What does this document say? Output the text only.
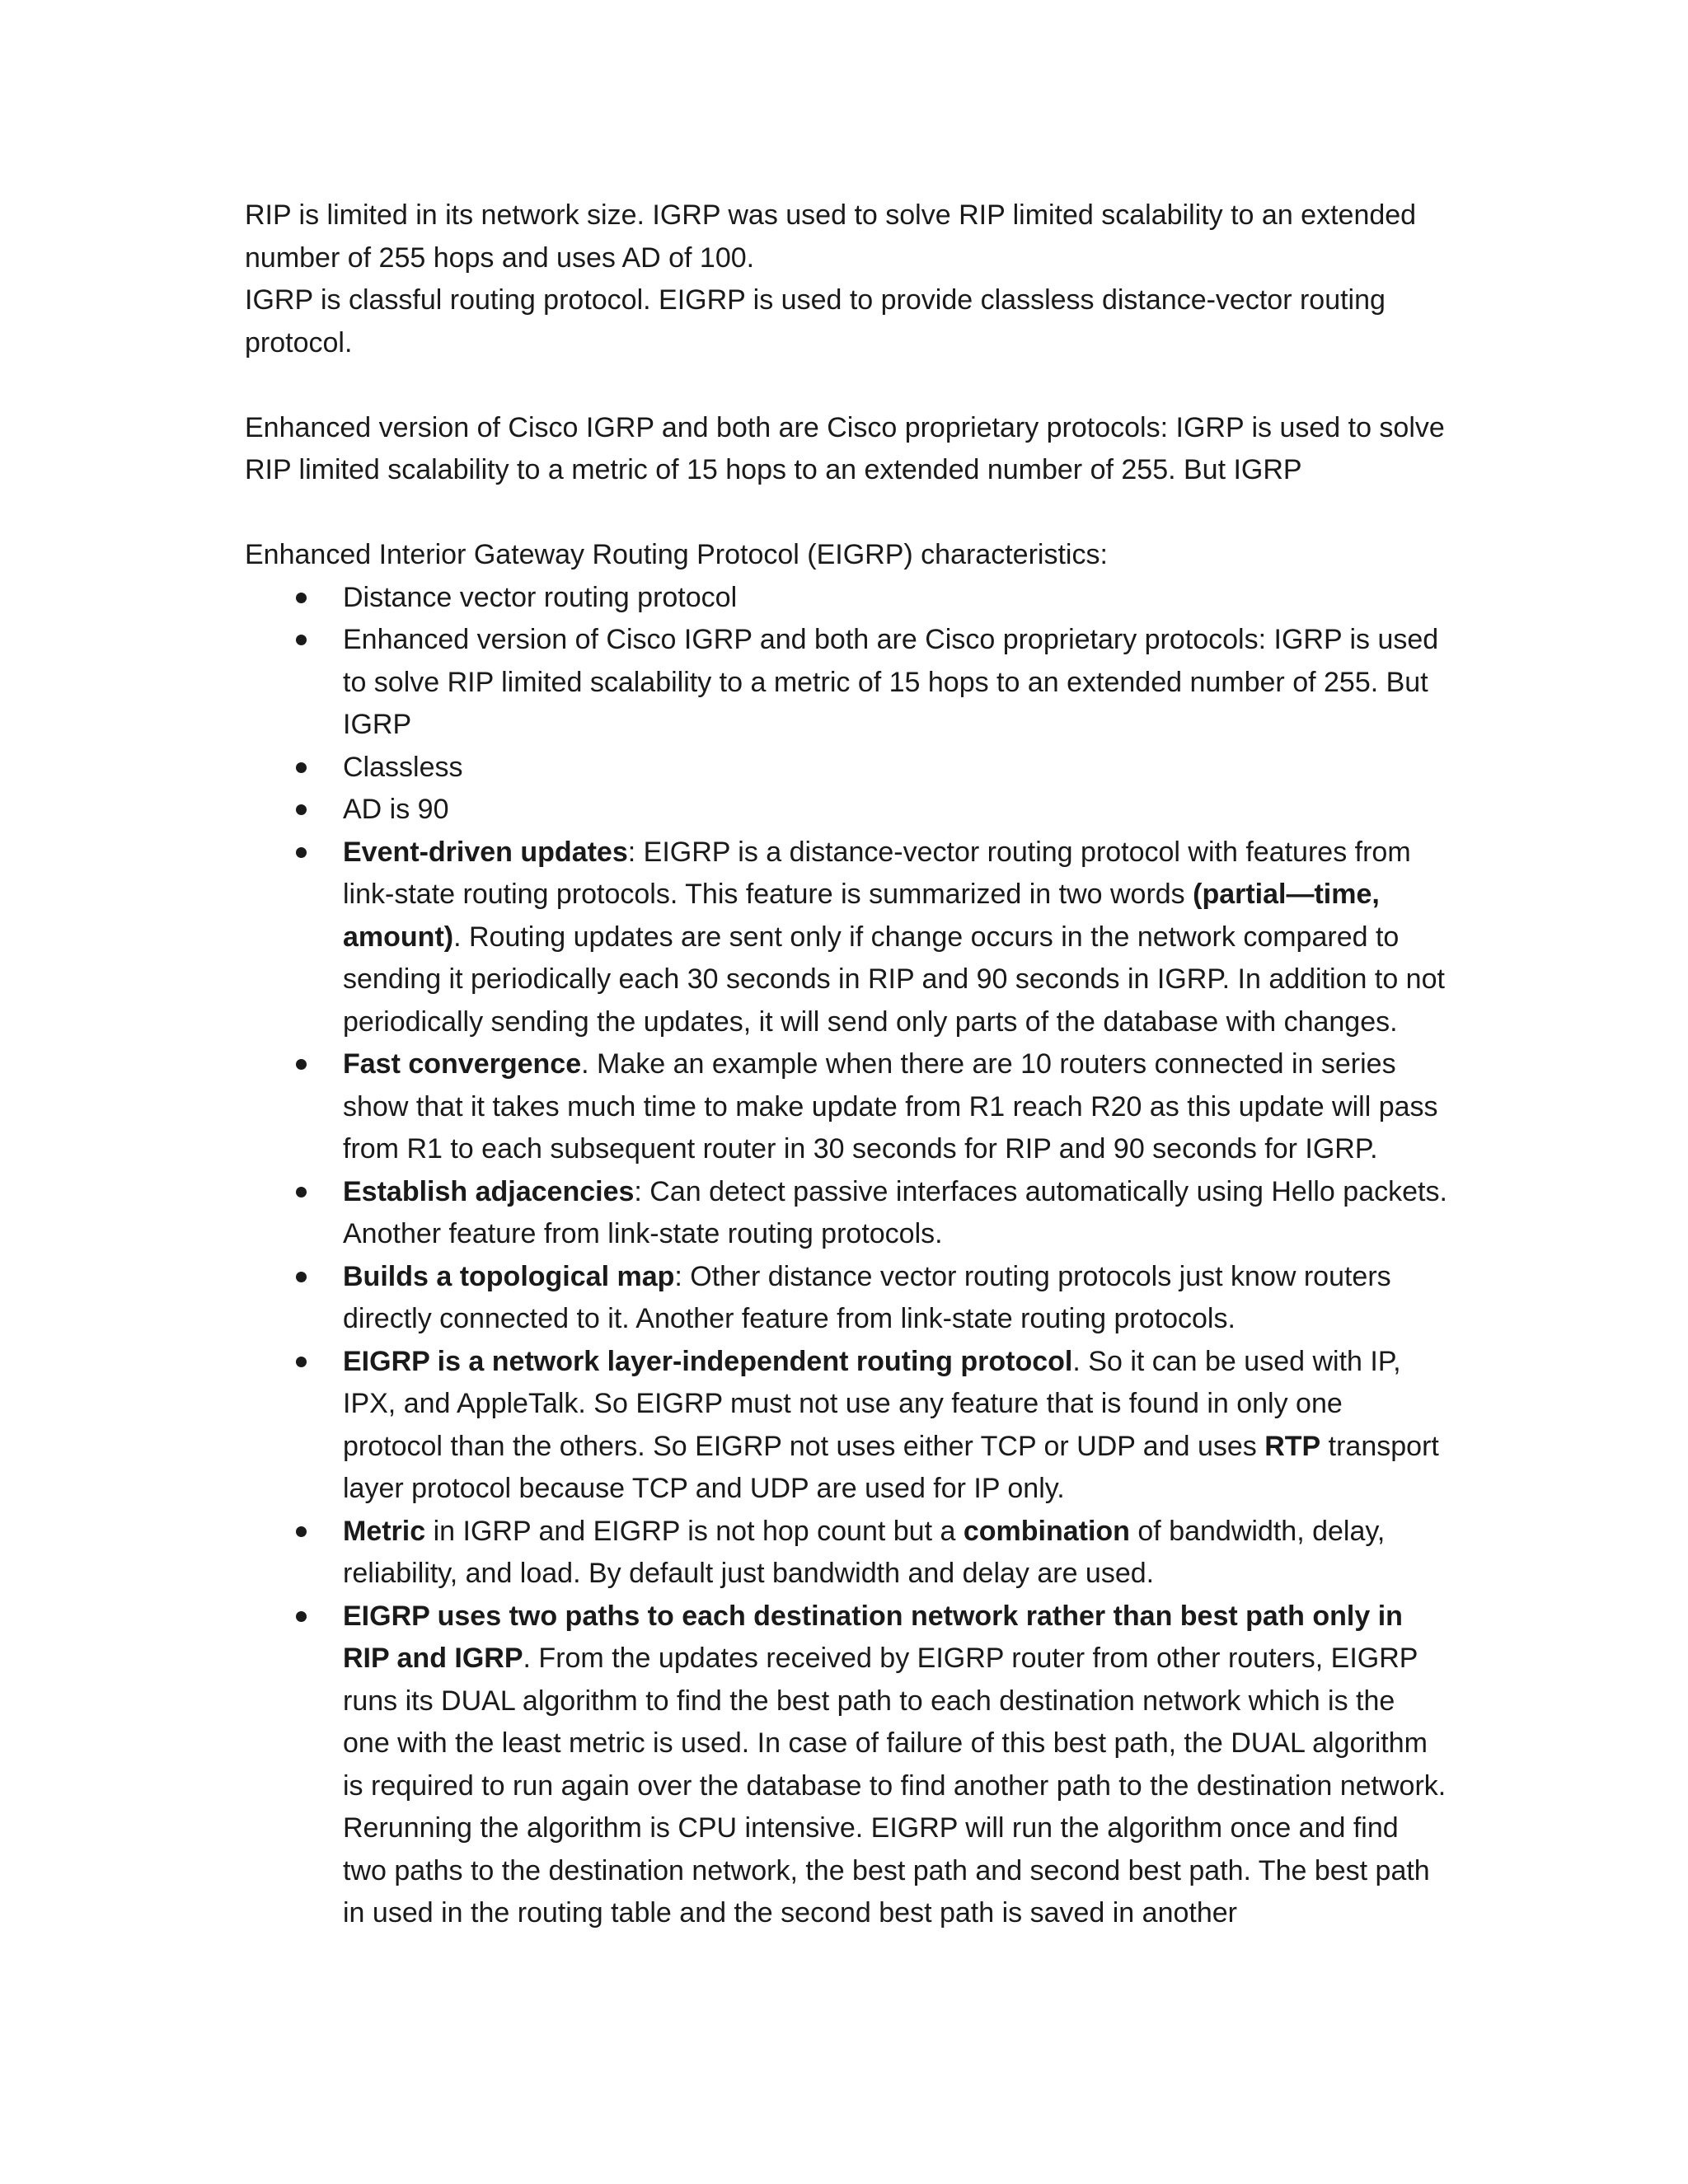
RIP is limited in its network size. IGRP was used to solve RIP limited scalability to an extended number of 255 hops and uses AD of 100.

IGRP is classful routing protocol. EIGRP is used to provide classless distance-vector routing protocol.

Enhanced version of Cisco IGRP and both are Cisco proprietary protocols: IGRP is used to solve RIP limited scalability to a metric of 15 hops to an extended number of 255. But IGRP

Enhanced Interior Gateway Routing Protocol (EIGRP) characteristics:

Distance vector routing protocol
Enhanced version of Cisco IGRP and both are Cisco proprietary protocols: IGRP is used to solve RIP limited scalability to a metric of 15 hops to an extended number of 255. But IGRP
Classless
AD is 90
Event-driven updates: EIGRP is a distance-vector routing protocol with features from link-state routing protocols. This feature is summarized in two words (partial—time, amount). Routing updates are sent only if change occurs in the network compared to sending it periodically each 30 seconds in RIP and 90 seconds in IGRP. In addition to not periodically sending the updates, it will send only parts of the database with changes.
Fast convergence. Make an example when there are 10 routers connected in series show that it takes much time to make update from R1 reach R20 as this update will pass from R1 to each subsequent router in 30 seconds for RIP and 90 seconds for IGRP.
Establish adjacencies: Can detect passive interfaces automatically using Hello packets. Another feature from link-state routing protocols.
Builds a topological map: Other distance vector routing protocols just know routers directly connected to it. Another feature from link-state routing protocols.
EIGRP is a network layer-independent routing protocol. So it can be used with IP, IPX, and AppleTalk. So EIGRP must not use any feature that is found in only one protocol than the others. So EIGRP not uses either TCP or UDP and uses RTP transport layer protocol because TCP and UDP are used for IP only.
Metric in IGRP and EIGRP is not hop count but a combination of bandwidth, delay, reliability, and load. By default just bandwidth and delay are used.
EIGRP uses two paths to each destination network rather than best path only in RIP and IGRP. From the updates received by EIGRP router from other routers, EIGRP runs its DUAL algorithm to find the best path to each destination network which is the one with the least metric is used. In case of failure of this best path, the DUAL algorithm is required to run again over the database to find another path to the destination network. Rerunning the algorithm is CPU intensive. EIGRP will run the algorithm once and find two paths to the destination network, the best path and second best path. The best path in used in the routing table and the second best path is saved in another
